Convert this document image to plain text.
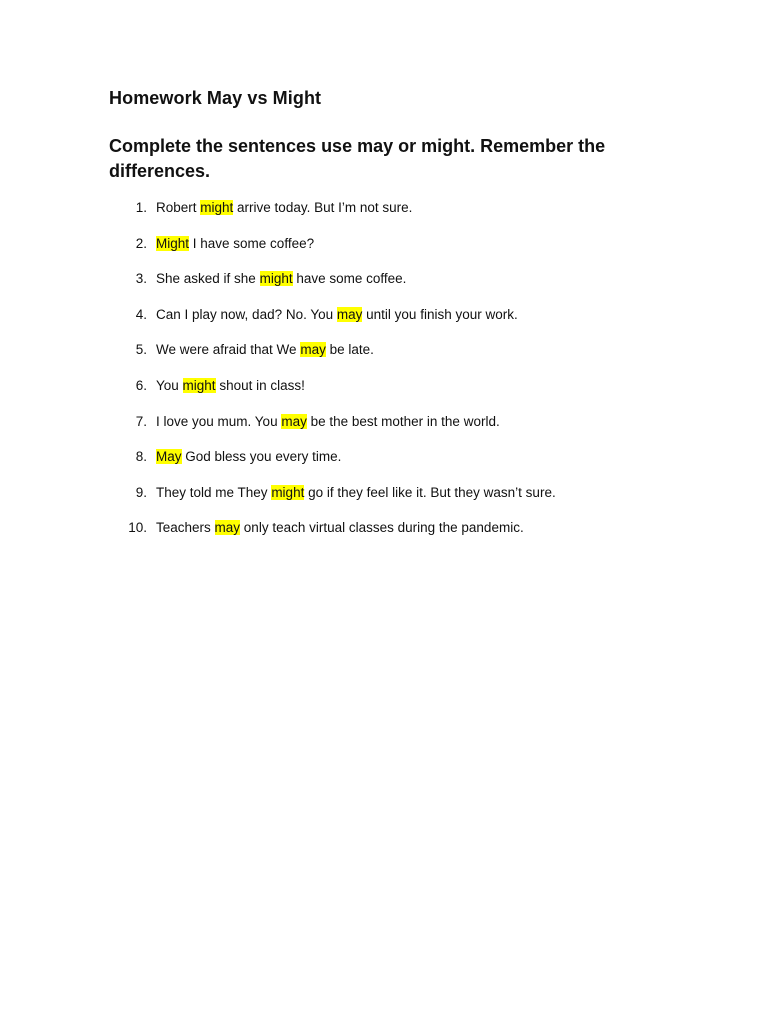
Homework May vs Might

Complete the sentences use may or might. Remember the differences.

1. Robert might arrive today. But I’m not sure.
2. Might I have some coffee?
3. She asked if she might have some coffee.
4. Can I play now, dad? No. You may until you finish your work.
5. We were afraid that We may be late.
6. You might shout in class!
7. I love you mum. You may be the best mother in the world.
8. May God bless you every time.
9. They told me They might go if they feel like it. But they wasn’t sure.
10. Teachers may only teach virtual classes during the pandemic.
